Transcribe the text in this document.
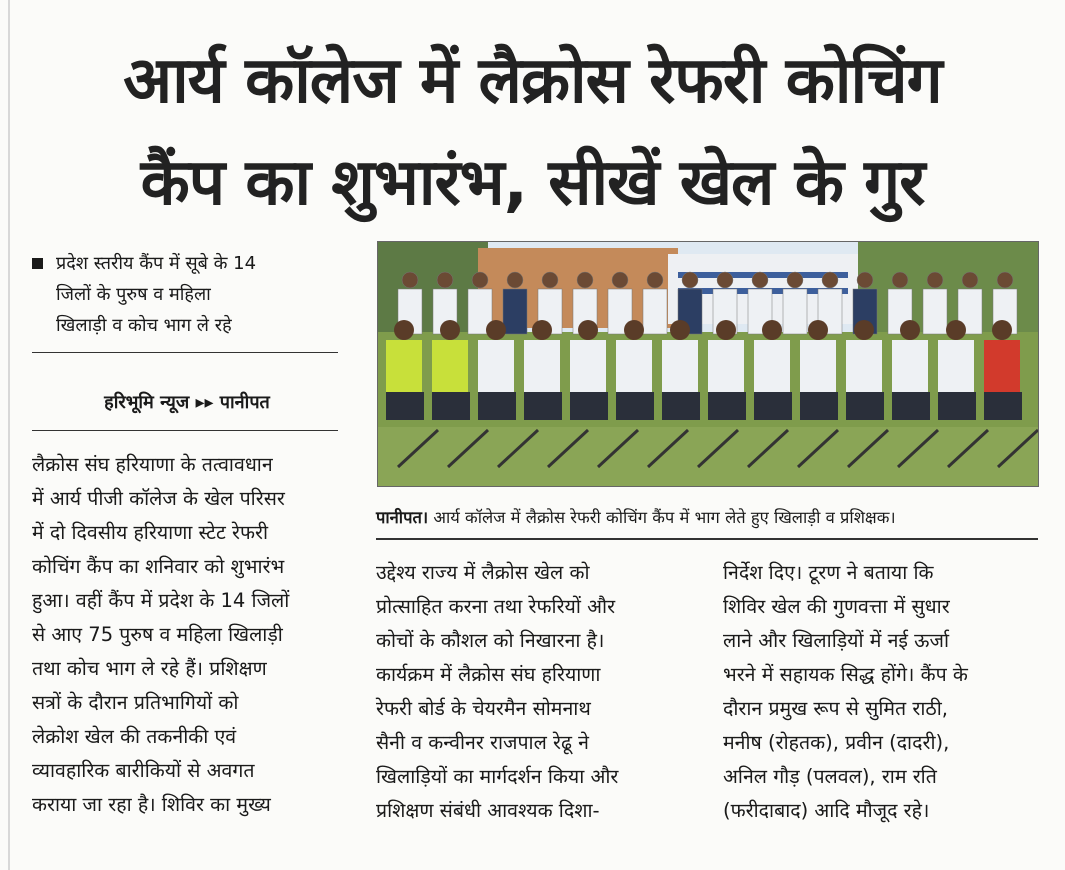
आर्य कॉलेज में लैक्रोस रेफरी कोचिंग
कैंप का शुभारंभ, सीखें खेल के गुर
प्रदेश स्तरीय कैंप में सूबे के 14
जिलों के पुरुष व महिला
खिलाड़ी व कोच भाग ले रहे
हरिभूमि न्यूज ▸▸ पानीपत
पानीपत। आर्य कॉलेज में लैक्रोस रेफरी कोचिंग कैंप में भाग लेते हुए खिलाड़ी व प्रशिक्षक।

लैक्रोस संघ हरियाणा के तत्वावधान

में आर्य पीजी कॉलेज के खेल परिसर

में दो दिवसीय हरियाणा स्टेट रेफरी

कोचिंग कैंप का शनिवार को शुभारंभ

हुआ। वहीं कैंप में प्रदेश के 14 जिलों

से आए 75 पुरुष व महिला खिलाड़ी

तथा कोच भाग ले रहे हैं। प्रशिक्षण

सत्रों के दौरान प्रतिभागियों को

लेक्रोश खेल की तकनीकी एवं

व्यावहारिक बारीकियों से अवगत

कराया जा रहा है। शिविर का मुख्य

उद्देश्य राज्य में लैक्रोस खेल को

प्रोत्साहित करना तथा रेफरियों और

कोचों के कौशल को निखारना है।

कार्यक्रम में लैक्रोस संघ हरियाणा

रेफरी बोर्ड के चेयरमैन सोमनाथ

सैनी व कन्वीनर राजपाल रेढू ने

खिलाड़ियों का मार्गदर्शन किया और

प्रशिक्षण संबंधी आवश्यक दिशा-

निर्देश दिए। टूरण ने बताया कि

शिविर खेल की गुणवत्ता में सुधार

लाने और खिलाड़ियों में नई ऊर्जा

भरने में सहायक सिद्ध होंगे। कैंप के

दौरान प्रमुख रूप से सुमित राठी,

मनीष (रोहतक), प्रवीन (दादरी),

अनिल गौड़ (पलवल), राम रति

(फरीदाबाद) आदि मौजूद रहे।
